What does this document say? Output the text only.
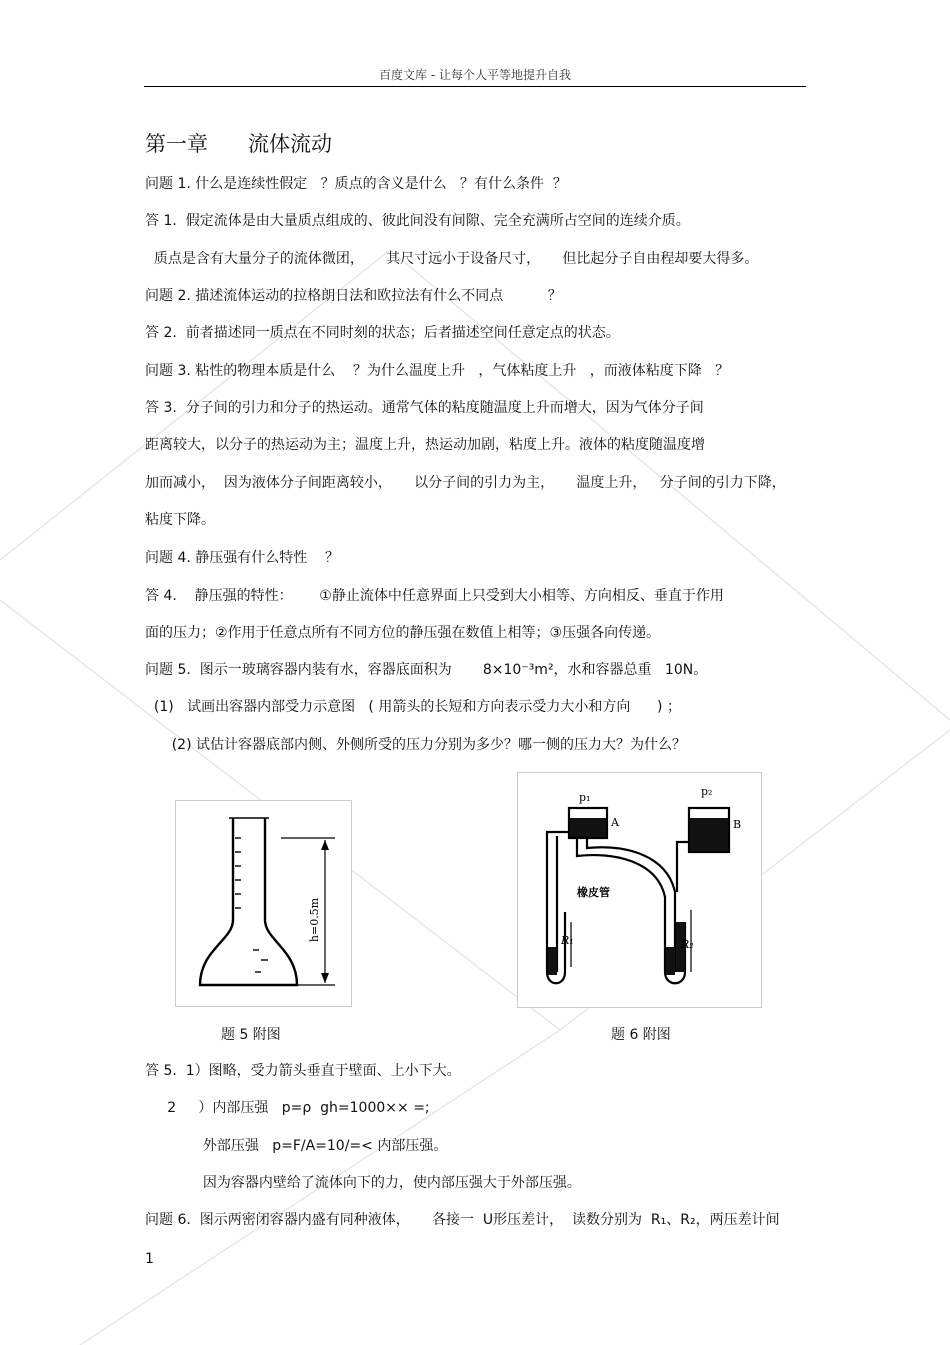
百度文库 - 让每个人平等地提升自我
第一章      流体流动
问题 1. 什么是连续性假定   ？质点的含义是什么   ？有什么条件  ？
答 1.  假定流体是由大量质点组成的、彼此间没有间隙、完全充满所占空间的连续介质。
质点是含有大量分子的流体微团，     其尺寸远小于设备尺寸，     但比起分子自由程却要大得多。
问题 2. 描述流体运动的拉格朗日法和欧拉法有什么不同点          ？
答 2.  前者描述同一质点在不同时刻的状态；后者描述空间任意定点的状态。
问题 3. 粘性的物理本质是什么    ？为什么温度上升   ，气体粘度上升   ，而液体粘度下降   ？
答 3.  分子间的引力和分子的热运动。通常气体的粘度随温度上升而增大，因为气体分子间
距离较大，以分子的热运动为主；温度上升，热运动加剧，粘度上升。液体的粘度随温度增
加而减小，  因为液体分子间距离较小，     以分子间的引力为主，     温度上升，   分子间的引力下降，
粘度下降。
问题 4. 静压强有什么特性    ？
答 4.    静压强的特性：      ①静止流体中任意界面上只受到大小相等、方向相反、垂直于作用
面的压力；②作用于任意点所有不同方位的静压强在数值上相等；③压强各向传递。
问题 5.  图示一玻璃容器内装有水，容器底面积为       8×10⁻³m²，水和容器总重   10N。
(1)   试画出容器内部受力示意图   ( 用箭头的长短和方向表示受力大小和方向      ) ；
(2) 试估计容器底部内侧、外侧所受的压力分别为多少？哪一侧的压力大？为什么？
h=0.5m
p₁	p₂
A	B
橡皮管
R₁	R₂
题 5 附图	题 6 附图
答 5.  1）图略，受力箭头垂直于壁面、上小下大。
2     ）内部压强   p=ρ  gh=1000×× =;
外部压强   p=F/A=10/=< 内部压强。
因为容器内壁给了流体向下的力，使内部压强大于外部压强。
问题 6.  图示两密闭容器内盛有同种液体，     各接一  U形压差计，  读数分别为  R₁、R₂，两压差计间
1
